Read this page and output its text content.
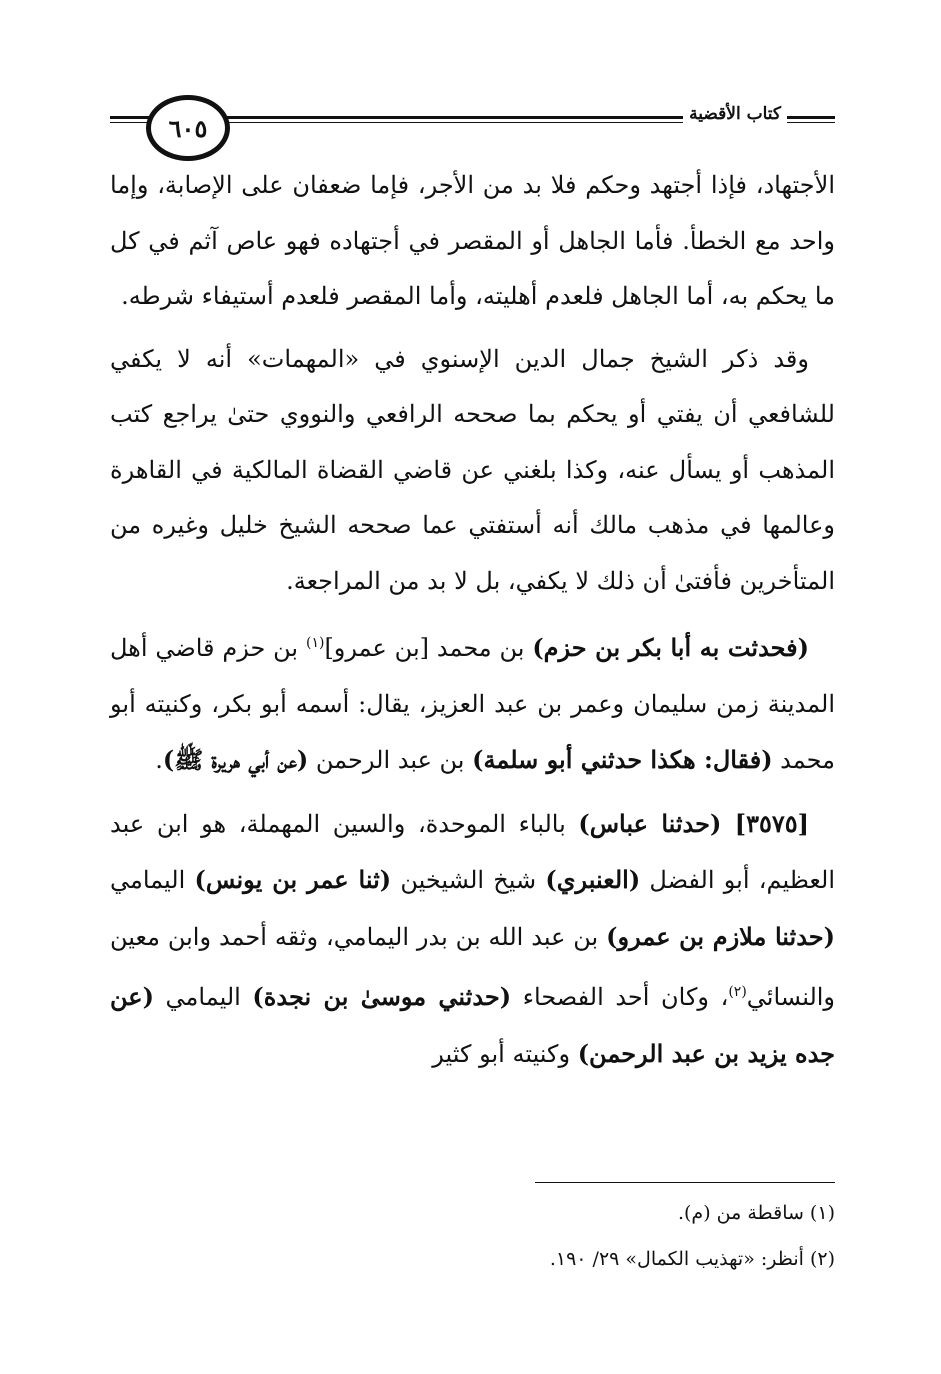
٦٠٥	كتاب الأقضية

الأجتهاد، فإذا أجتهد وحكم فلا بد من الأجر، فإما ضعفان على الإصابة، وإما واحد مع الخطأ. فأما الجاهل أو المقصر في أجتهاده فهو عاص آثم في كل ما يحكم به، أما الجاهل فلعدم أهليته، وأما المقصر فلعدم أستيفاء شرطه.

وقد ذكر الشيخ جمال الدين الإسنوي في «المهمات» أنه لا يكفي للشافعي أن يفتي أو يحكم بما صححه الرافعي والنووي حتىٰ يراجع كتب المذهب أو يسأل عنه، وكذا بلغني عن قاضي القضاة المالكية في القاهرة وعالمها في مذهب مالك أنه أستفتي عما صححه الشيخ خليل وغيره من المتأخرين فأفتىٰ أن ذلك لا يكفي، بل لا بد من المراجعة.

(فحدثت به أبا بكر بن حزم) بن محمد [بن عمرو]$^{(١)}$ بن حزم قاضي أهل المدينة زمن سليمان وعمر بن عبد العزيز، يقال: أسمه أبو بكر، وكنيته أبو محمد (فقال: هكذا حدثني أبو سلمة) بن عبد الرحمن (عن أبي هريرة ﷺ).

[٣٥٧٥] (حدثنا عباس) بالباء الموحدة، والسين المهملة، هو ابن عبد العظيم، أبو الفضل (العنبري) شيخ الشيخين (ثنا عمر بن يونس) اليمامي (حدثنا ملازم بن عمرو) بن عبد الله بن بدر اليمامي، وثقه أحمد وابن معين والنسائي$^{(٢)}$، وكان أحد الفصحاء (حدثني موسىٰ بن نجدة) اليمامي (عن جده يزيد بن عبد الرحمن) وكنيته أبو كثير

(١) ساقطة من (م).
(٢) أنظر: «تهذيب الكمال» ٢٩/ ١٩٠.
